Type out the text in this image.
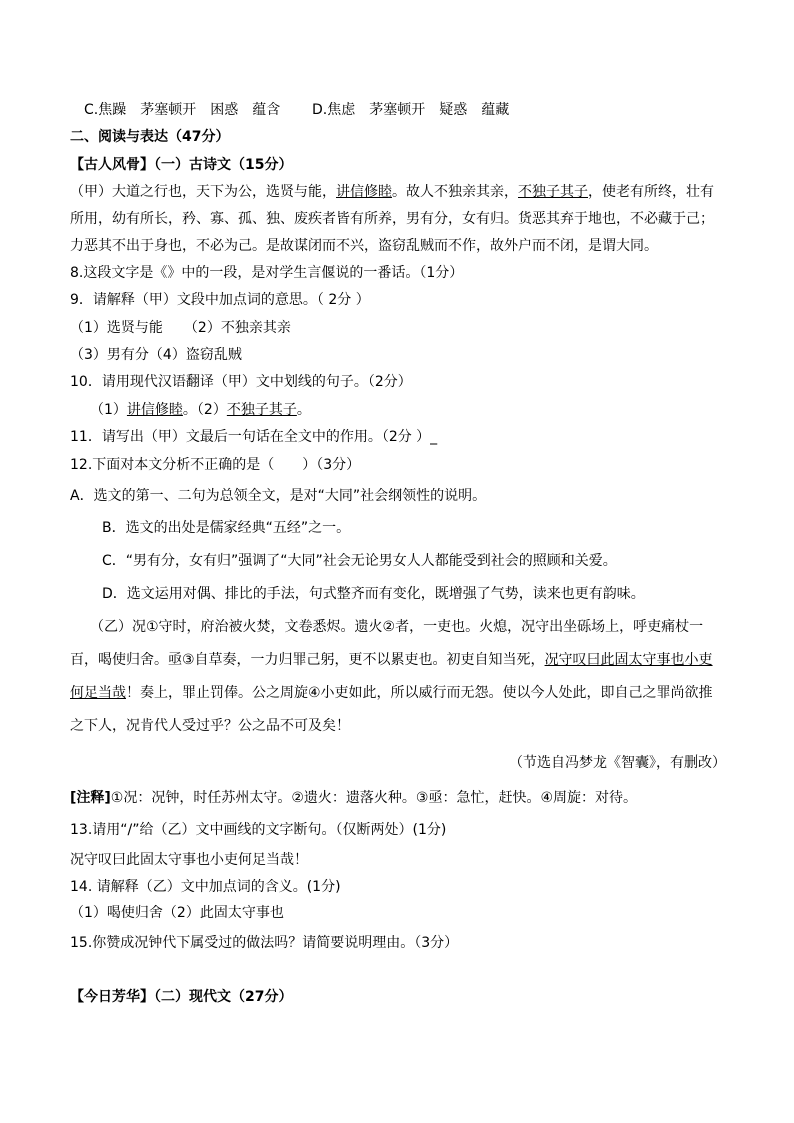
C.焦躁　茅塞顿开　困惑　蕴含 D.焦虑　茅塞顿开　疑惑　蕴藏
二、阅读与表达（47分）
【古人风骨】（一）古诗文（15分）
（甲）大道之行也，天下为公，选贤与能，讲信修睦。故人不独亲其亲，不独子其子，使老有所终，壮有
所用，幼有所长，矜、寡、孤、独、废疾者皆有所养，男有分，女有归。货恶其弃于地也，不必藏于己；
力恶其不出于身也，不必为己。是故谋闭而不兴，盗窃乱贼而不作，故外户而不闭，是谓大同。
8.这段文字是《》中的一段，是对学生言偃说的一番话。（1分）
9．请解释（甲）文段中加点词的意思。（ 2分 ）
（1）选贤与能　　（2）不独亲其亲
（3）男有分（4）盗窃乱贼
10．请用现代汉语翻译（甲）文中划线的句子。（2分）
（1）讲信修睦。（2）不独子其子。
11．请写出（甲）文最后一句话在全文中的作用。（2分 ）_
12.下面对本文分析不正确的是（　　）（3分）
A．选文的第一、二句为总领全文，是对“大同”社会纲领性的说明。
B．选文的出处是儒家经典“五经”之一。
C．“男有分，女有归”强调了“大同”社会无论男女人人都能受到社会的照顾和关爱。
D．选文运用对偶、排比的手法，句式整齐而有变化，既增强了气势，读来也更有韵味。
（乙）况①守时，府治被火焚，文卷悉烬。遗火②者，一吏也。火熄，况守出坐砾场上，呼吏痛杖一
百，喝使归舍。亟③自草奏，一力归罪己躬，更不以累吏也。初吏自知当死，况守叹曰此固太守事也小吏
何足当哉！奏上，罪止罚俸。公之周旋④小吏如此，所以威行而无怨。使以今人处此，即自己之罪尚欲推
之下人，况肯代人受过乎？公之品不可及矣！
（节选自冯梦龙《智囊》，有删改）
[注释]①况：况钟，时任苏州太守。②遗火：遗落火种。③亟：急忙，赶快。④周旋：对待。
13.请用“/”给（乙）文中画线的文字断句。（仅断两处）(1分)
况守叹曰此固太守事也小吏何足当哉！
14. 请解释（乙）文中加点词的含义。(1分)
（1）喝使归舍（2）此固太守事也
15.你赞成况钟代下属受过的做法吗？请简要说明理由。（3分）
【今日芳华】（二）现代文（27分）
